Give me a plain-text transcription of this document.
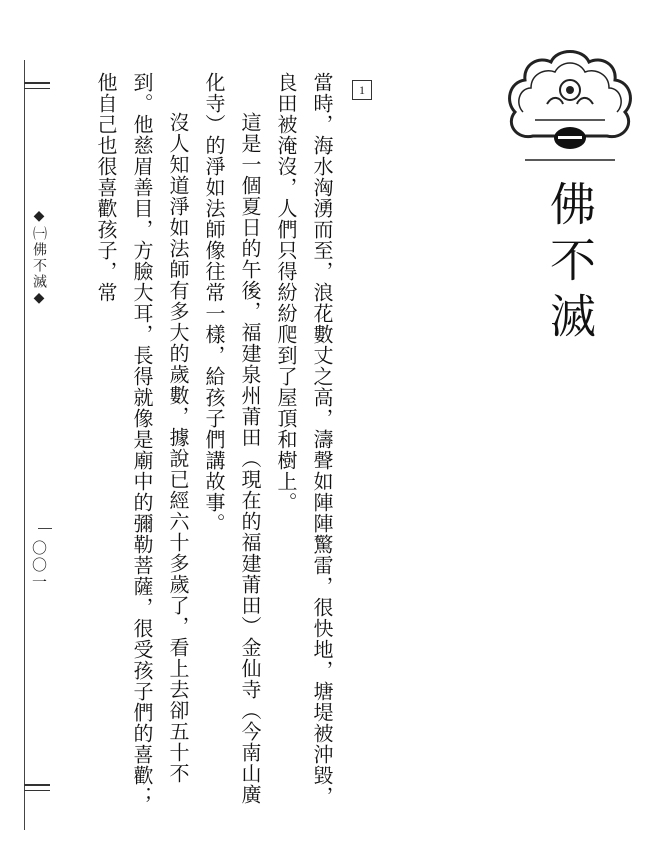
◆㈠佛不滅◆
〇〇一
佛不滅
1

當時，海水洶湧而至，浪花數丈之高，濤聲如陣陣驚雷，很快地，塘堤被沖毀，良田被淹沒，人們只得紛紛爬到了屋頂和樹上。

這是一個夏日的午後，福建泉州莆田（現在的福建莆田）金仙寺（今南山廣化寺）的淨如法師像往常一樣，給孩子們講故事。

沒人知道淨如法師有多大的歲數，據說已經六十多歲了，看上去卻五十不到。他慈眉善目，方臉大耳，長得就像是廟中的彌勒菩薩，很受孩子們的喜歡；他自己也很喜歡孩子，常
